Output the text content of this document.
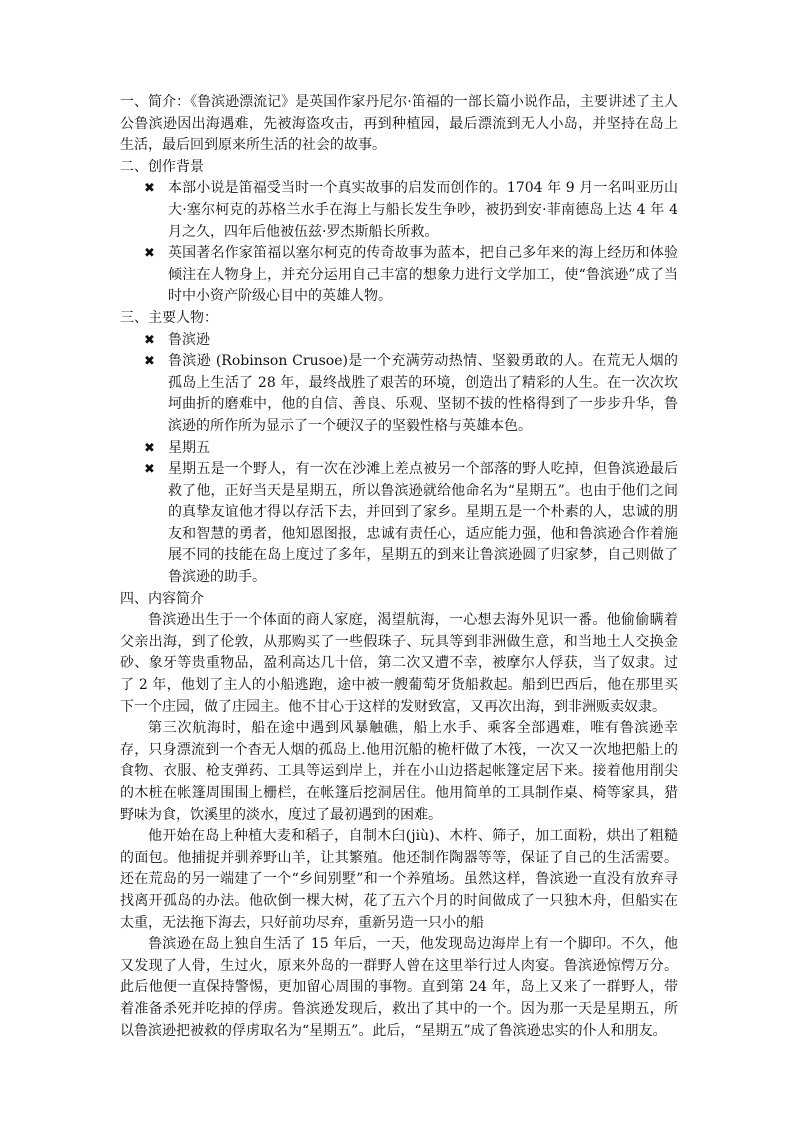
一、简介：《鲁滨逊漂流记》是英国作家丹尼尔·笛福的一部长篇小说作品，主要讲述了主人公鲁滨逊因出海遇难，先被海盗攻击，再到种植园，最后漂流到无人小岛，并坚持在岛上生活，最后回到原来所生活的社会的故事。

二、创作背景

✖ 本部小说是笛福受当时一个真实故事的启发而创作的。1704 年 9 月一名叫亚历山大·塞尔柯克的苏格兰水手在海上与船长发生争吵，被扔到安·菲南德岛上达 4 年 4 月之久，四年后他被伍兹·罗杰斯船长所救。
✖ 英国著名作家笛福以塞尔柯克的传奇故事为蓝本，把自己多年来的海上经历和体验倾注在人物身上，并充分运用自己丰富的想象力进行文学加工，使“鲁滨逊”成了当时中小资产阶级心目中的英雄人物。

三、主要人物：

✖ 鲁滨逊
✖ 鲁滨逊 (Robinson Crusoe)是一个充满劳动热情、坚毅勇敢的人。在荒无人烟的孤岛上生活了 28 年，最终战胜了艰苦的环境，创造出了精彩的人生。在一次次坎坷曲折的磨难中，他的自信、善良、乐观、坚韧不拔的性格得到了一步步升华，鲁滨逊的所作所为显示了一个硬汉子的坚毅性格与英雄本色。
✖ 星期五
✖ 星期五是一个野人，有一次在沙滩上差点被另一个部落的野人吃掉，但鲁滨逊最后救了他，正好当天是星期五，所以鲁滨逊就给他命名为“星期五”。也由于他们之间的真挚友谊他才得以存活下去，并回到了家乡。星期五是一个朴素的人，忠诚的朋友和智慧的勇者，他知恩图报，忠诚有责任心，适应能力强，他和鲁滨逊合作着施展不同的技能在岛上度过了多年，星期五的到来让鲁滨逊圆了归家梦，自己则做了鲁滨逊的助手。

四、内容简介

鲁滨逊出生于一个体面的商人家庭，渴望航海，一心想去海外见识一番。他偷偷瞒着父亲出海，到了伦敦，从那购买了一些假珠子、玩具等到非洲做生意，和当地土人交换金砂、象牙等贵重物品，盈利高达几十倍，第二次又遭不幸，被摩尔人俘获，当了奴隶。过了 2 年，他划了主人的小船逃跑，途中被一艘葡萄牙货船救起。船到巴西后，他在那里买下一个庄园，做了庄园主。他不甘心于这样的发财致富，又再次出海，到非洲贩卖奴隶。

第三次航海时，船在途中遇到风暴触礁，船上水手、乘客全部遇难，唯有鲁滨逊幸存，只身漂流到一个杳无人烟的孤岛上.他用沉船的桅杆做了木筏，一次又一次地把船上的食物、衣服、枪支弹药、工具等运到岸上，并在小山边搭起帐篷定居下来。接着他用削尖的木桩在帐篷周围围上栅栏，在帐篷后挖洞居住。他用简单的工具制作桌、椅等家具，猎野味为食，饮溪里的淡水，度过了最初遇到的困难。

他开始在岛上种植大麦和稻子，自制木臼(jiù)、木杵、筛子，加工面粉，烘出了粗糙的面包。他捕捉并驯养野山羊，让其繁殖。他还制作陶器等等，保证了自己的生活需要。还在荒岛的另一端建了一个“乡间别墅”和一个养殖场。虽然这样，鲁滨逊一直没有放弃寻找离开孤岛的办法。他砍倒一棵大树，花了五六个月的时间做成了一只独木舟，但船实在太重，无法拖下海去，只好前功尽弃，重新另造一只小的船

鲁滨逊在岛上独自生活了 15 年后，一天，他发现岛边海岸上有一个脚印。不久，他又发现了人骨，生过火，原来外岛的一群野人曾在这里举行过人肉宴。鲁滨逊惊愕万分。此后他便一直保持警惕，更加留心周围的事物。直到第 24 年，岛上又来了一群野人，带着准备杀死并吃掉的俘虏。鲁滨逊发现后，救出了其中的一个。因为那一天是星期五，所以鲁滨逊把被救的俘虏取名为“星期五”。此后，“星期五”成了鲁滨逊忠实的仆人和朋友。
